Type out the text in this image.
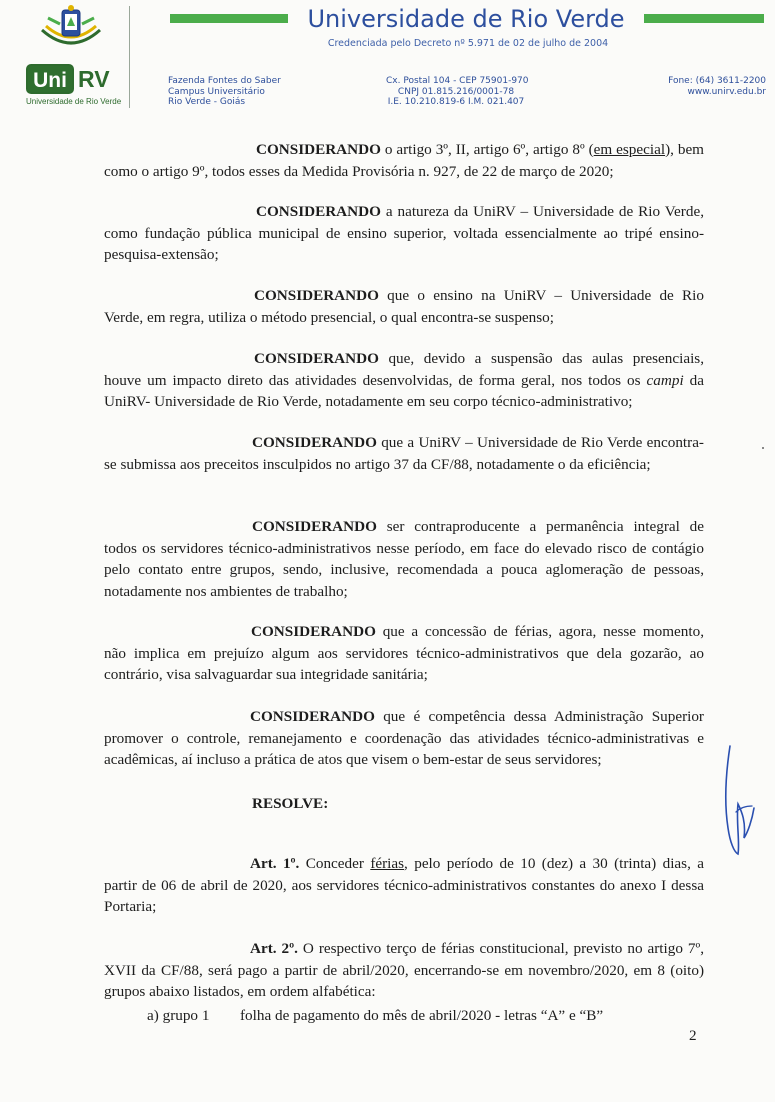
Uni RV
Universidade de Rio Verde
Universidade de Rio Verde
Credenciada pelo Decreto nº 5.971 de 02 de julho de 2004
Fazenda Fontes do Saber
Campus Universitário
Rio Verde - Goiás
Cx. Postal 104 - CEP 75901-970
CNPJ 01.815.216/0001-78
I.E. 10.210.819-6 I.M. 021.407
Fone: (64) 3611-2200
www.unirv.edu.br
CONSIDERANDO o artigo 3º, II, artigo 6º, artigo 8º (em especial), bem como o artigo 9º, todos esses da Medida Provisória n. 927, de 22 de março de 2020;
CONSIDERANDO a natureza da UniRV – Universidade de Rio Verde, como fundação pública municipal de ensino superior, voltada essencialmente ao tripé ensino-pesquisa-extensão;
CONSIDERANDO que o ensino na UniRV – Universidade de Rio Verde, em regra, utiliza o método presencial, o qual encontra-se suspenso;
CONSIDERANDO que, devido a suspensão das aulas presenciais, houve um impacto direto das atividades desenvolvidas, de forma geral, nos todos os campi da UniRV- Universidade de Rio Verde, notadamente em seu corpo técnico-administrativo;
CONSIDERANDO que a UniRV – Universidade de Rio Verde encontra-se submissa aos preceitos insculpidos no artigo 37 da CF/88, notadamente o da eficiência;
CONSIDERANDO ser contraproducente a permanência integral de todos os servidores técnico-administrativos nesse período, em face do elevado risco de contágio pelo contato entre grupos, sendo, inclusive, recomendada a pouca aglomeração de pessoas, notadamente nos ambientes de trabalho;
CONSIDERANDO que a concessão de férias, agora, nesse momento, não implica em prejuízo algum aos servidores técnico-administrativos que dela gozarão, ao contrário, visa salvaguardar sua integridade sanitária;
CONSIDERANDO que é competência dessa Administração Superior promover o controle, remanejamento e coordenação das atividades técnico-administrativas e acadêmicas, aí incluso a prática de atos que visem o bem-estar de seus servidores;
RESOLVE:
Art. 1º. Conceder férias, pelo período de 10 (dez) a 30 (trinta) dias, a partir de 06 de abril de 2020, aos servidores técnico-administrativos constantes do anexo I dessa Portaria;
Art. 2º. O respectivo terço de férias constitucional, previsto no artigo 7º, XVII da CF/88, será pago a partir de abril/2020, encerrando-se em novembro/2020, em 8 (oito) grupos abaixo listados, em ordem alfabética:
a) grupo 1 folha de pagamento do mês de abril/2020 - letras “A” e “B”
2
